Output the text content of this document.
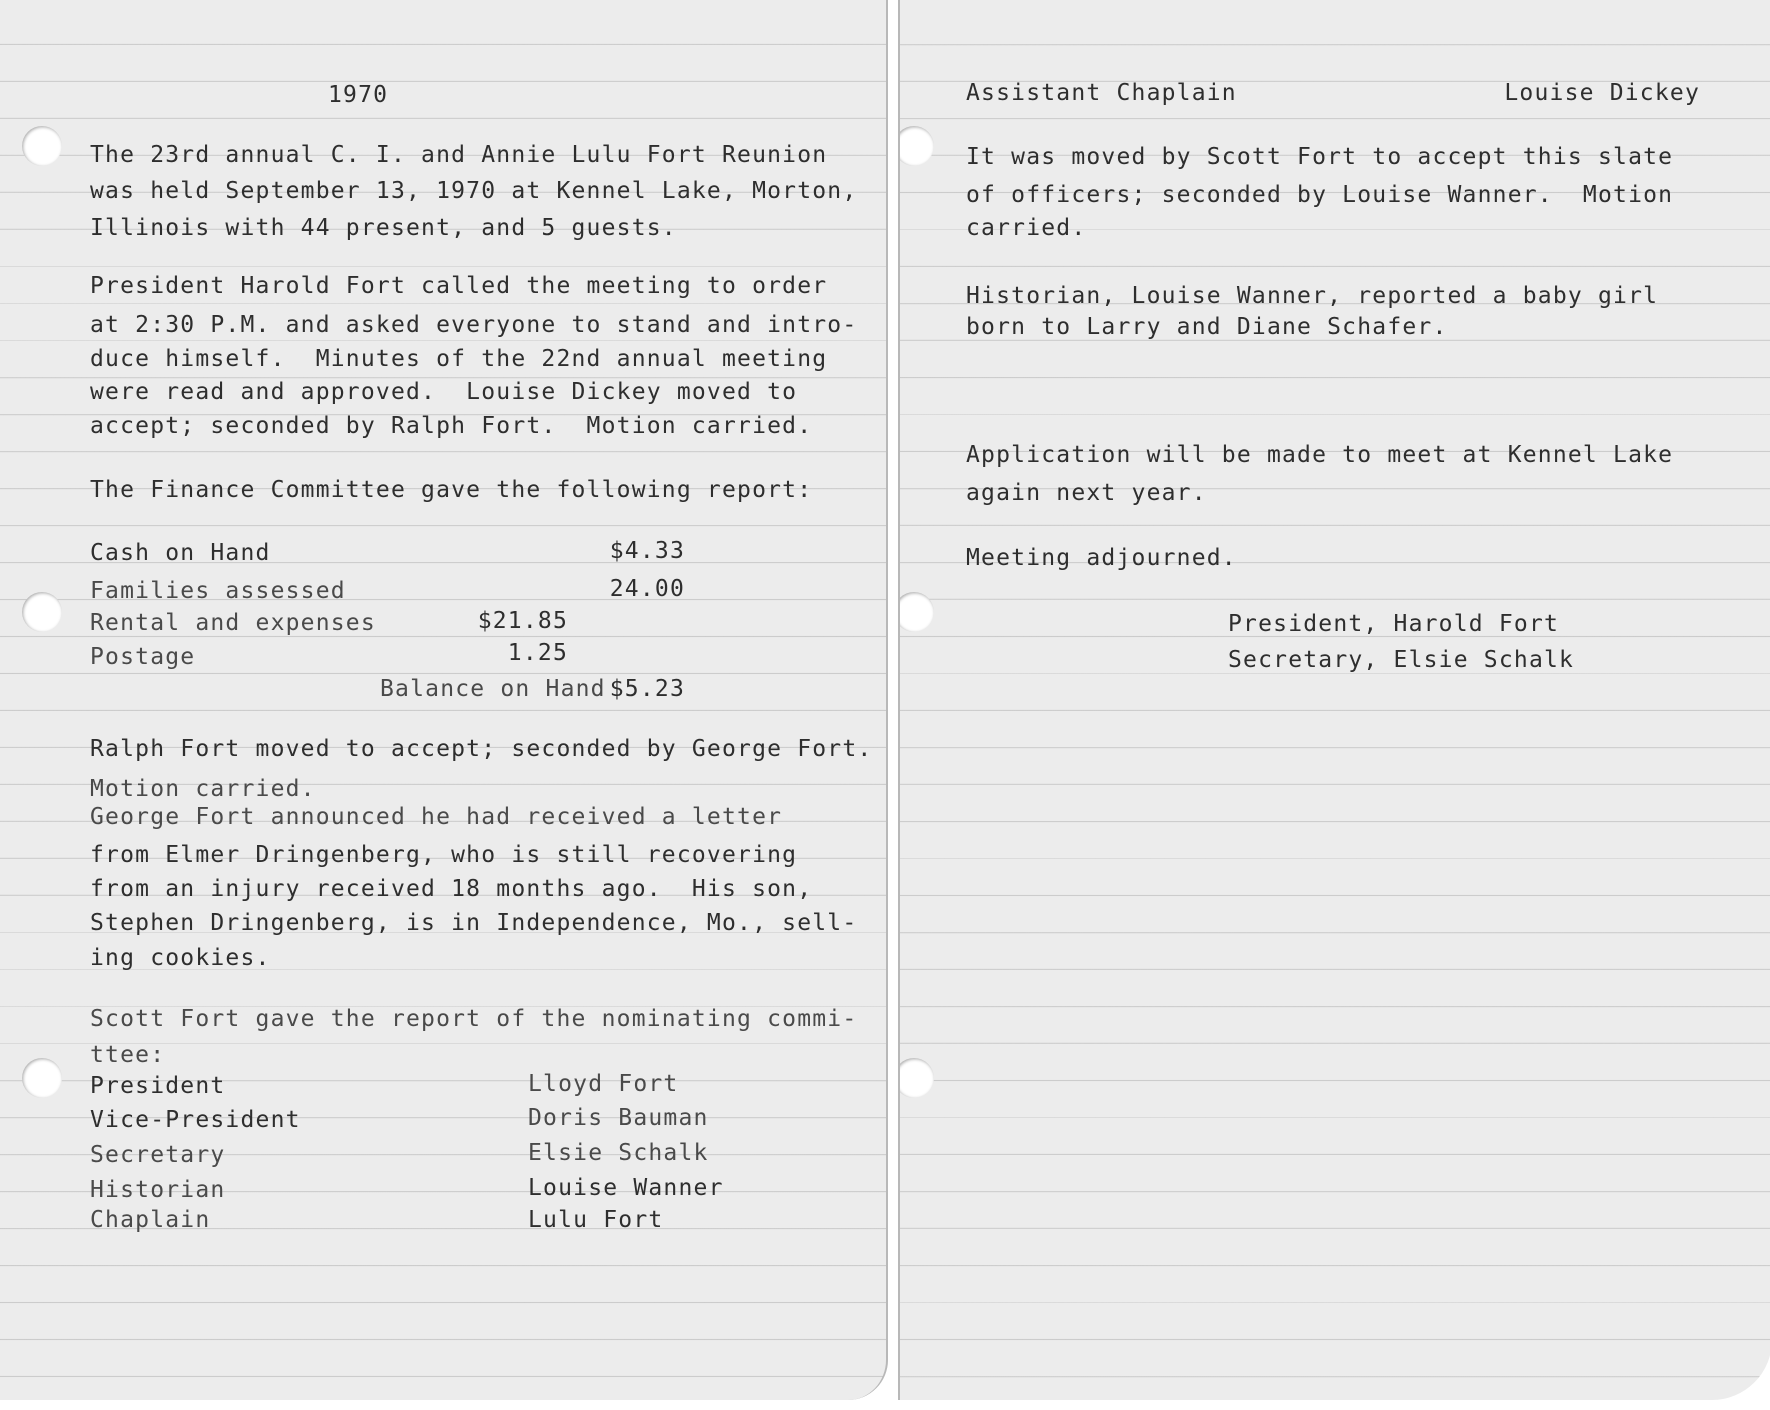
1970

The 23rd annual C. I. and Annie Lulu Fort Reunion

was held September 13, 1970 at Kennel Lake, Morton,

Illinois with 44 present, and 5 guests.

President Harold Fort called the meeting to order

at 2:30 P.M. and asked everyone to stand and intro-

duce himself.  Minutes of the 22nd annual meeting

were read and approved.  Louise Dickey moved to

accept; seconded by Ralph Fort.  Motion carried.

The Finance Committee gave the following report:

Cash on Hand	$4.33

Families assessed	24.00

Rental and expenses	$21.85

Postage	1.25

Balance on Hand $5.23

Ralph Fort moved to accept; seconded by George Fort.

Motion carried.

George Fort announced he had received a letter

from Elmer Dringenberg, who is still recovering

from an injury received 18 months ago.  His son,

Stephen Dringenberg, is in Independence, Mo., sell-

ing cookies.

Scott Fort gave the report of the nominating commi-

ttee:

President	Lloyd Fort

Vice-President	Doris Bauman

Secretary	Elsie Schalk

Historian	Louise Wanner

Chaplain	Lulu Fort

Assistant Chaplain	Louise Dickey

It was moved by Scott Fort to accept this slate

of officers; seconded by Louise Wanner.  Motion

carried.

Historian, Louise Wanner, reported a baby girl

born to Larry and Diane Schafer.

Application will be made to meet at Kennel Lake

again next year.

Meeting adjourned.

President, Harold Fort

Secretary, Elsie Schalk
